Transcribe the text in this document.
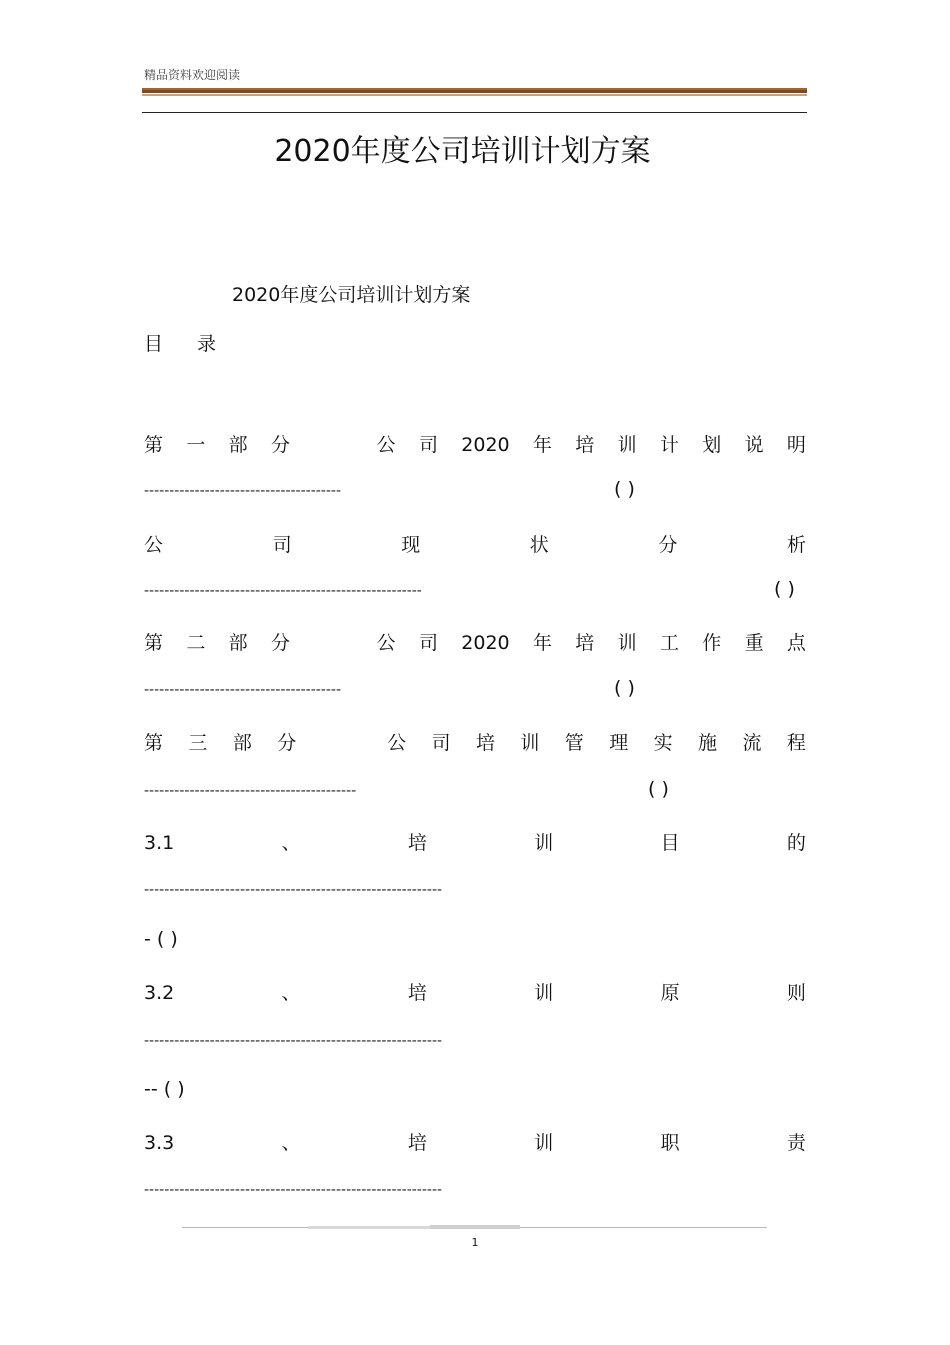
精品资料欢迎阅读
2020年度公司培训计划方案
2020年度公司培训计划方案
目 录
第 一 部 分	公 司 2020 年 培 训 计 划 说 明
---------------------------------------	( )
公	司	现	状	分	析
-------------------------------------------------------	( )
第 二 部 分	公 司 2020 年 培 训 工 作 重 点
---------------------------------------	( )
第 三 部 分	公 司 培 训 管 理 实 施 流 程
------------------------------------------	( )
3.1	、	培	训	目	的
-----------------------------------------------------------
- ( )
3.2	、	培	训	原	则
-----------------------------------------------------------
-- ( )
3.3	、	培	训	职	责
-----------------------------------------------------------
1
